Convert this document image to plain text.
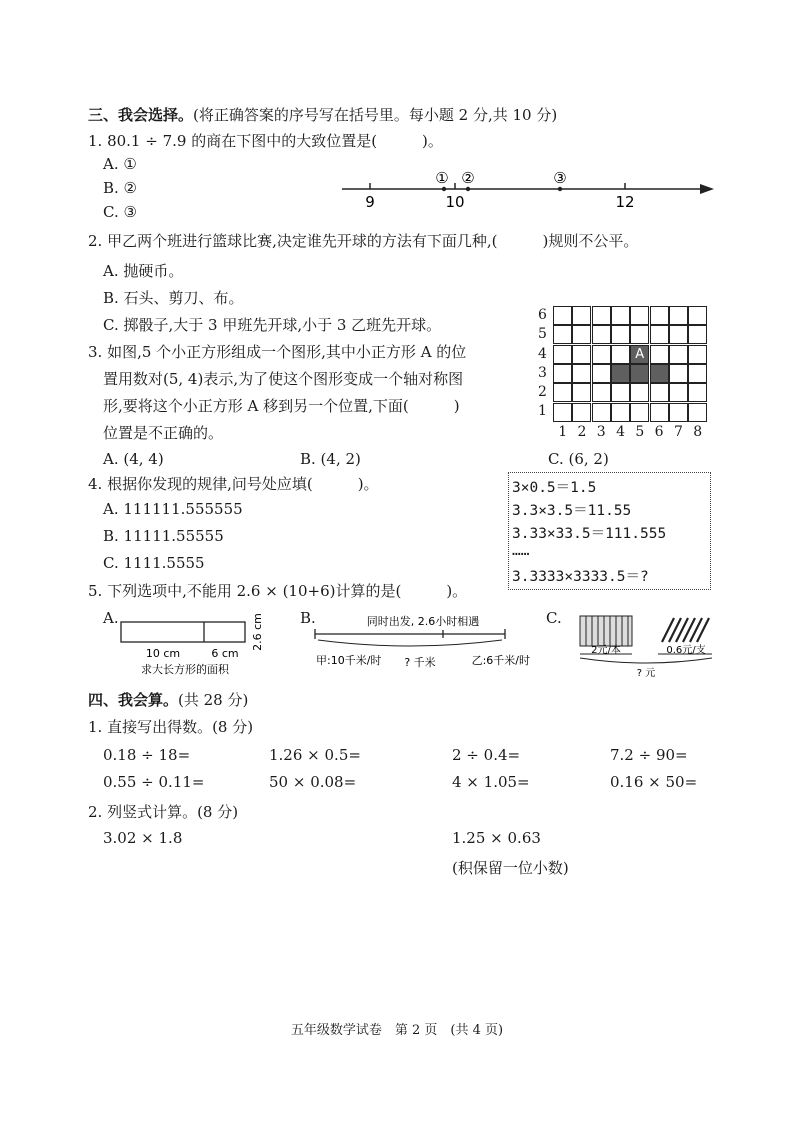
三、我会选择。(将正确答案的序号写在括号里。每小题 2 分,共 10 分)
1. 80.1 ÷ 7.9 的商在下图中的大致位置是(　　　)。
A. ①
B. ②
C. ③
9	10	12
① ②	③
2. 甲乙两个班进行篮球比赛,决定谁先开球的方法有下面几种,(　　　)规则不公平。
A. 抛硬币。
B. 石头、剪刀、布。
C. 掷骰子,大于 3 甲班先开球,小于 3 乙班先开球。
3. 如图,5 个小正方形组成一个图形,其中小正方形 A 的位
置用数对(5, 4)表示,为了使这个图形变成一个轴对称图
形,要将这个小正方形 A 移到另一个位置,下面(　　　)
位置是不正确的。
A. (4, 4)	B. (4, 2)	C. (6, 2)
A
6
5
4
3
2
1
1 2 3 4 5 6 7 8
4. 根据你发现的规律,问号处应填(　　　)。
A. 111111.555555
B. 11111.55555
C. 1111.5555
3×0.5＝1.5
3.3×3.5＝11.55
3.33×33.5＝111.555
……
3.3333×3333.5＝?
5. 下列选项中,不能用 2.6 × (10+6)计算的是(　　　)。
A.
10 cm	6 cm
2.6 cm
求大长方形的面积
B.	同时出发, 2.6小时相遇
甲:10千米/时 ? 千米	乙:6千米/时
C.
2元/本	0.6元/支
? 元
四、我会算。(共 28 分)
1. 直接写出得数。(8 分)
0.18 ÷ 18=	1.26 × 0.5=	2 ÷ 0.4=	7.2 ÷ 90=
0.55 ÷ 0.11=	50 × 0.08=	4 × 1.05=	0.16 × 50=
2. 列竖式计算。(8 分)
3.02 × 1.8	1.25 × 0.63
(积保留一位小数)
五年级数学试卷　第 2 页　(共 4 页)
